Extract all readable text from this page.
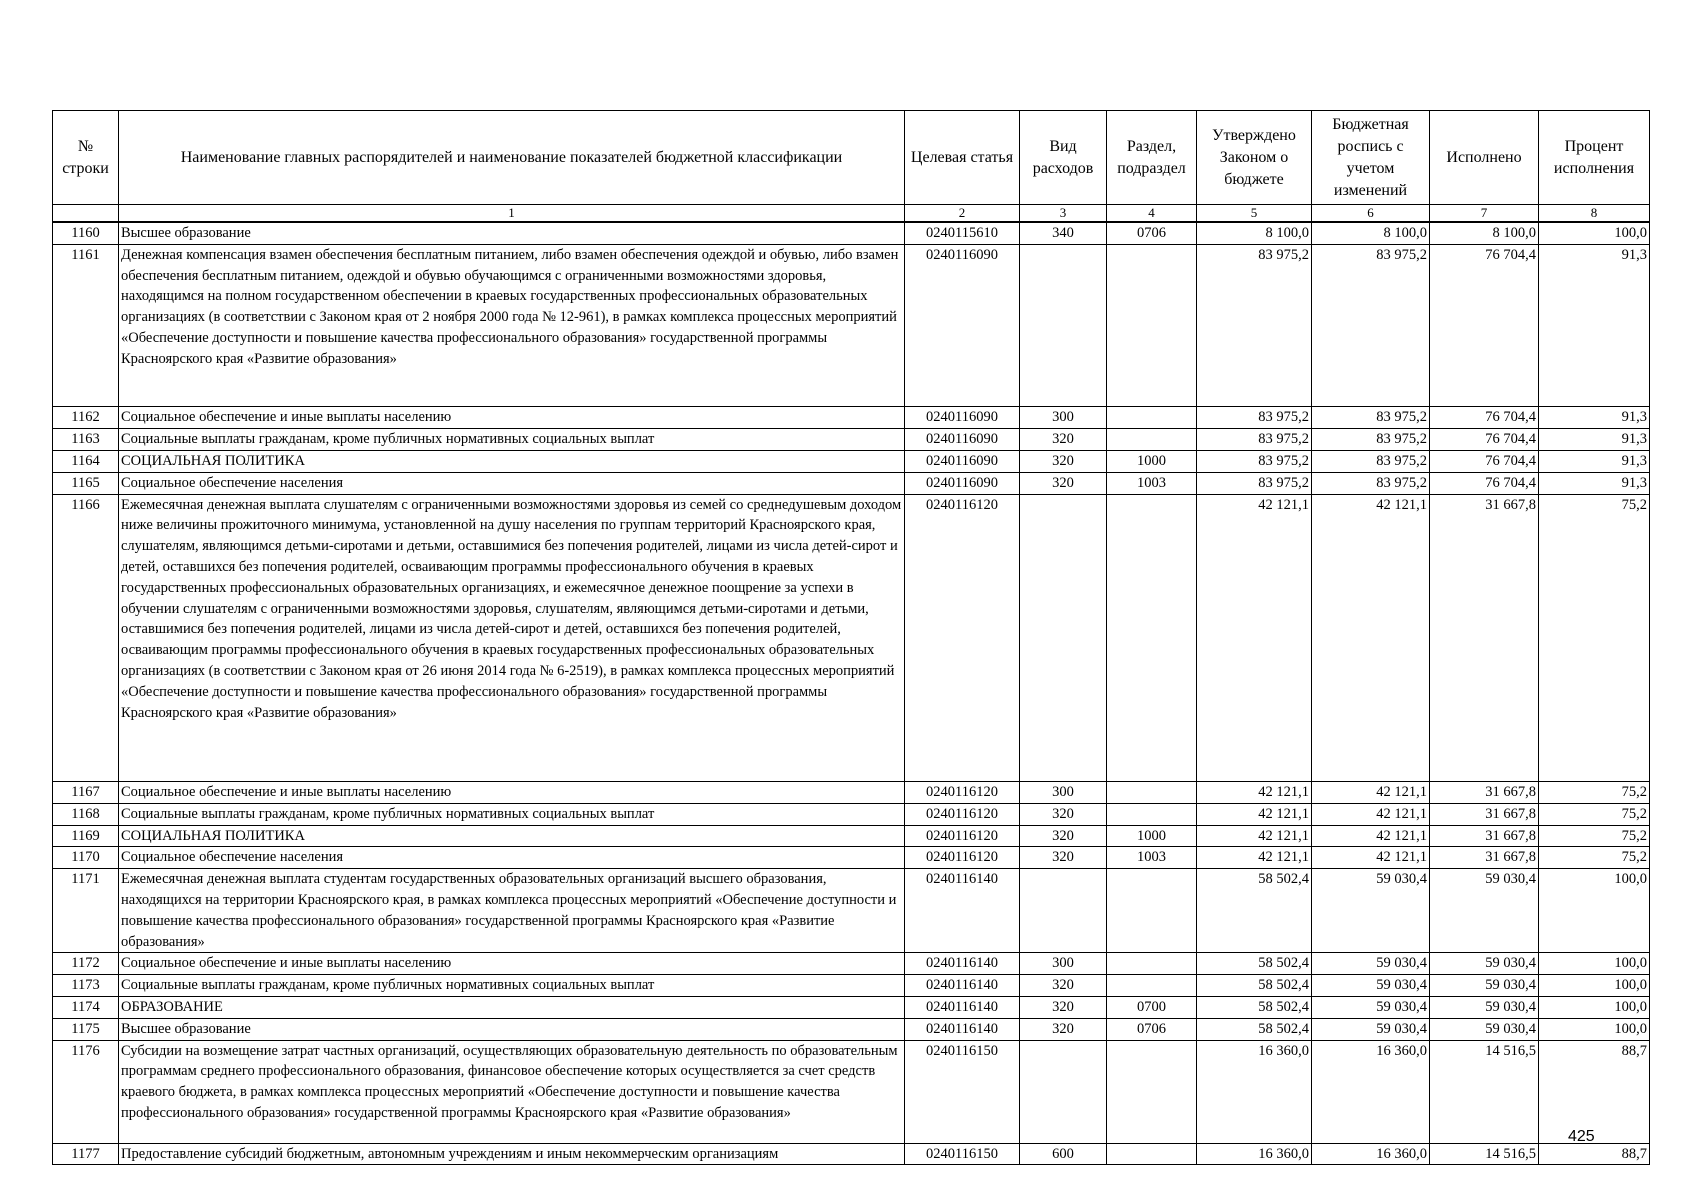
№ строки	Наименование главных распорядителей и наименование показателей бюджетной классификации	Целевая статья	Вид расходов	Раздел, подраздел	Утверждено Законом о бюджете	Бюджетная роспись с учетом изменений	Исполнено	Процент исполнения
	1	2	3	4	5	6	7	8
1160	Высшее образование	0240115610	340	0706	8 100,0	8 100,0	8 100,0	100,0
1161	Денежная компенсация взамен обеспечения бесплатным питанием, либо взамен обеспечения одеждой и обувью, либо взамен обеспечения бесплатным питанием, одеждой и обувью обучающимся с ограниченными возможностями здоровья, находящимся на полном государственном обеспечении в краевых государственных профессиональных образовательных организациях (в соответствии с Законом края от 2 ноября 2000 года № 12-961), в рамках комплекса процессных мероприятий «Обеспечение доступности и повышение качества профессионального образования» государственной программы Красноярского края «Развитие образования»	0240116090			83 975,2	83 975,2	76 704,4	91,3
1162	Социальное обеспечение и иные выплаты населению	0240116090	300		83 975,2	83 975,2	76 704,4	91,3
1163	Социальные выплаты гражданам, кроме публичных нормативных социальных выплат	0240116090	320		83 975,2	83 975,2	76 704,4	91,3
1164	СОЦИАЛЬНАЯ ПОЛИТИКА	0240116090	320	1000	83 975,2	83 975,2	76 704,4	91,3
1165	Социальное обеспечение населения	0240116090	320	1003	83 975,2	83 975,2	76 704,4	91,3
1166	Ежемесячная денежная выплата слушателям с ограниченными возможностями здоровья из семей со среднедушевым доходом ниже величины прожиточного минимума, установленной на душу населения по группам территорий Красноярского края, слушателям, являющимся детьми-сиротами и детьми, оставшимися без попечения родителей, лицами из числа детей-сирот и детей, оставшихся без попечения родителей, осваивающим программы профессионального обучения в краевых государственных профессиональных образовательных организациях, и ежемесячное денежное поощрение за успехи в обучении слушателям с ограниченными возможностями здоровья, слушателям, являющимся детьми-сиротами и детьми, оставшимися без попечения родителей, лицами из числа детей-сирот и детей, оставшихся без попечения родителей, осваивающим программы профессионального обучения в краевых государственных профессиональных образовательных организациях (в соответствии с Законом края от 26 июня 2014 года № 6-2519), в рамках комплекса процессных мероприятий «Обеспечение доступности и повышение качества профессионального образования» государственной программы Красноярского края «Развитие образования»	0240116120			42 121,1	42 121,1	31 667,8	75,2
1167	Социальное обеспечение и иные выплаты населению	0240116120	300		42 121,1	42 121,1	31 667,8	75,2
1168	Социальные выплаты гражданам, кроме публичных нормативных социальных выплат	0240116120	320		42 121,1	42 121,1	31 667,8	75,2
1169	СОЦИАЛЬНАЯ ПОЛИТИКА	0240116120	320	1000	42 121,1	42 121,1	31 667,8	75,2
1170	Социальное обеспечение населения	0240116120	320	1003	42 121,1	42 121,1	31 667,8	75,2
1171	Ежемесячная денежная выплата студентам государственных образовательных организаций высшего образования, находящихся на территории Красноярского края, в рамках комплекса процессных мероприятий «Обеспечение доступности и повышение качества профессионального образования» государственной программы Красноярского края «Развитие образования»	0240116140			58 502,4	59 030,4	59 030,4	100,0
1172	Социальное обеспечение и иные выплаты населению	0240116140	300		58 502,4	59 030,4	59 030,4	100,0
1173	Социальные выплаты гражданам, кроме публичных нормативных социальных выплат	0240116140	320		58 502,4	59 030,4	59 030,4	100,0
1174	ОБРАЗОВАНИЕ	0240116140	320	0700	58 502,4	59 030,4	59 030,4	100,0
1175	Высшее образование	0240116140	320	0706	58 502,4	59 030,4	59 030,4	100,0
1176	Субсидии на возмещение затрат частных организаций, осуществляющих образовательную деятельность по образовательным программам среднего профессионального образования, финансовое обеспечение которых осуществляется за счет средств краевого бюджета, в рамках комплекса процессных мероприятий «Обеспечение доступности и повышение качества профессионального образования» государственной программы Красноярского края «Развитие образования»	0240116150			16 360,0	16 360,0	14 516,5	88,7
1177	Предоставление субсидий бюджетным, автономным учреждениям и иным некоммерческим организациям	0240116150	600		16 360,0	16 360,0	14 516,5	88,7
425
